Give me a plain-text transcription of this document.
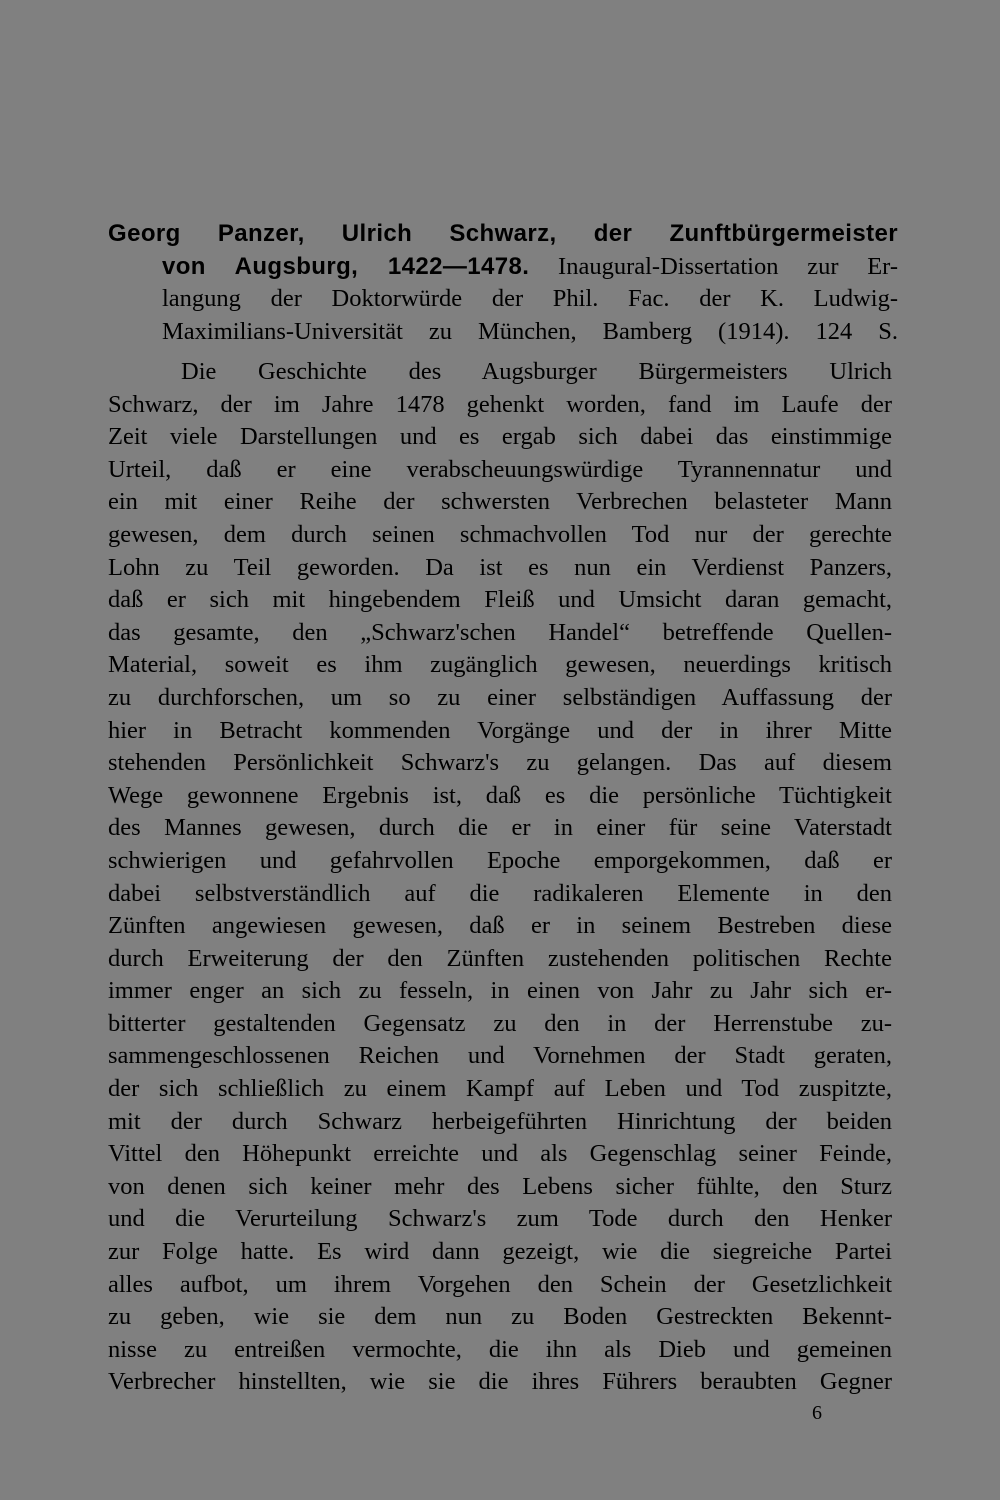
Georg Panzer, Ulrich Schwarz, der Zunftbürgermeister
von Augsburg, 1422—1478. Inaugural-Dissertation zur Er-
langung der Doktorwürde der Phil. Fac. der K. Ludwig-
Maximilians-Universität zu München, Bamberg (1914). 124 S.
Die Geschichte des Augsburger Bürgermeisters Ulrich
Schwarz, der im Jahre 1478 gehenkt worden, fand im Laufe der
Zeit viele Darstellungen und es ergab sich dabei das einstimmige
Urteil, daß er eine verabscheuungswürdige Tyrannennatur und
ein mit einer Reihe der schwersten Verbrechen belasteter Mann
gewesen, dem durch seinen schmachvollen Tod nur der gerechte
Lohn zu Teil geworden. Da ist es nun ein Verdienst Panzers,
daß er sich mit hingebendem Fleiß und Umsicht daran gemacht,
das gesamte, den „Schwarz'schen Handel“ betreffende Quellen-
Material, soweit es ihm zugänglich gewesen, neuerdings kritisch
zu durchforschen, um so zu einer selbständigen Auffassung der
hier in Betracht kommenden Vorgänge und der in ihrer Mitte
stehenden Persönlichkeit Schwarz's zu gelangen. Das auf diesem
Wege gewonnene Ergebnis ist, daß es die persönliche Tüchtigkeit
des Mannes gewesen, durch die er in einer für seine Vaterstadt
schwierigen und gefahrvollen Epoche emporgekommen, daß er
dabei selbstverständlich auf die radikaleren Elemente in den
Zünften angewiesen gewesen, daß er in seinem Bestreben diese
durch Erweiterung der den Zünften zustehenden politischen Rechte
immer enger an sich zu fesseln, in einen von Jahr zu Jahr sich er-
bitterter gestaltenden Gegensatz zu den in der Herrenstube zu-
sammengeschlossenen Reichen und Vornehmen der Stadt geraten,
der sich schließlich zu einem Kampf auf Leben und Tod zuspitzte,
mit der durch Schwarz herbeigeführten Hinrichtung der beiden
Vittel den Höhepunkt erreichte und als Gegenschlag seiner Feinde,
von denen sich keiner mehr des Lebens sicher fühlte, den Sturz
und die Verurteilung Schwarz's zum Tode durch den Henker
zur Folge hatte. Es wird dann gezeigt, wie die siegreiche Partei
alles aufbot, um ihrem Vorgehen den Schein der Gesetzlichkeit
zu geben, wie sie dem nun zu Boden Gestreckten Bekennt-
nisse zu entreißen vermochte, die ihn als Dieb und gemeinen
Verbrecher hinstellten, wie sie die ihres Führers beraubten Gegner
6
